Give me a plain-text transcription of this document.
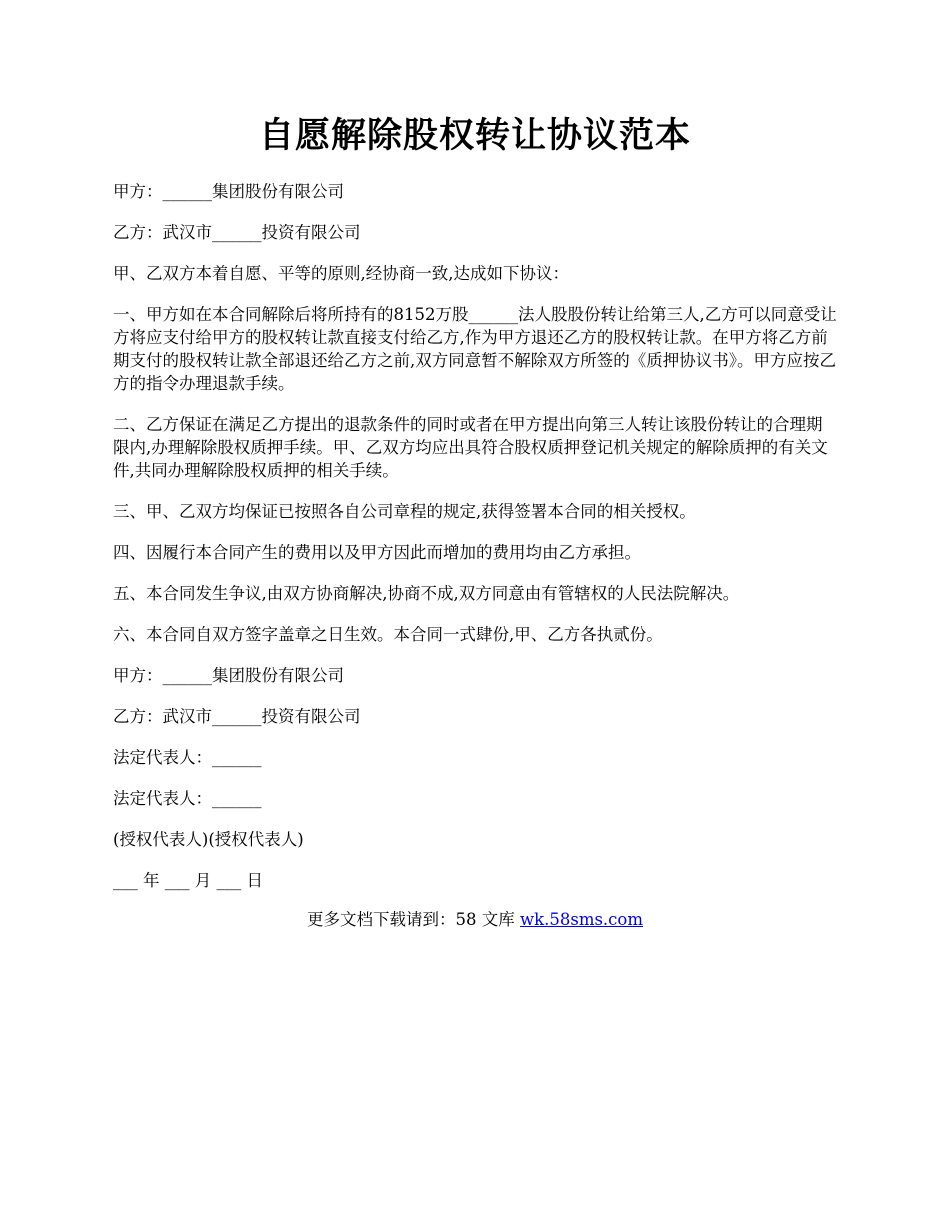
自愿解除股权转让协议范本

甲方：______集团股份有限公司

乙方：武汉市______投资有限公司

甲、乙双方本着自愿、平等的原则,经协商一致,达成如下协议：

一、甲方如在本合同解除后将所持有的8152万股______法人股股份转让给第三人,乙方可以同意受让方将应支付给甲方的股权转让款直接支付给乙方,作为甲方退还乙方的股权转让款。在甲方将乙方前期支付的股权转让款全部退还给乙方之前,双方同意暂不解除双方所签的《质押协议书》。甲方应按乙方的指令办理退款手续。

二、乙方保证在满足乙方提出的退款条件的同时或者在甲方提出向第三人转让该股份转让的合理期限内,办理解除股权质押手续。甲、乙双方均应出具符合股权质押登记机关规定的解除质押的有关文件,共同办理解除股权质押的相关手续。

三、甲、乙双方均保证已按照各自公司章程的规定,获得签署本合同的相关授权。

四、因履行本合同产生的费用以及甲方因此而增加的费用均由乙方承担。

五、本合同发生争议,由双方协商解决,协商不成,双方同意由有管辖权的人民法院解决。

六、本合同自双方签字盖章之日生效。本合同一式肆份,甲、乙方各执贰份。

甲方：______集团股份有限公司

乙方：武汉市______投资有限公司

法定代表人：______

法定代表人：______

(授权代表人)(授权代表人)

___ 年 ___ 月 ___ 日

更多文档下载请到：58 文库 wk.58sms.com
